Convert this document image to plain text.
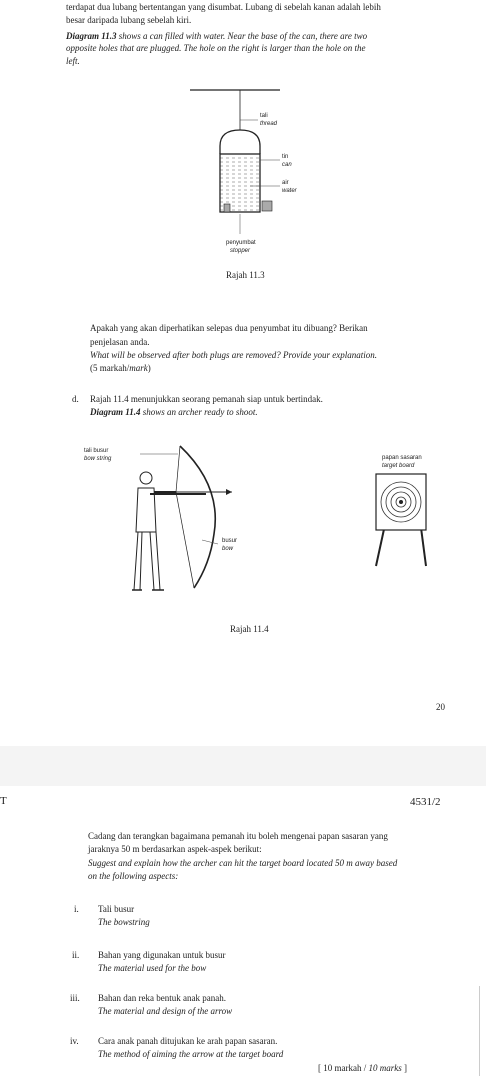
terdapat dua lubang bertentangan yang disumbat. Lubang di sebelah kanan adalah lebih
besar daripada lubang sebelah kiri.
Diagram 11.3 shows a can filled with water. Near the base of the can, there are two
opposite holes that are plugged. The hole on the right is larger than the hole on the
left.
tali
thread
tin
can
air
water
penyumbat
stopper
Rajah 11.3
Apakah yang akan diperhatikan selepas dua penyumbat itu dibuang? Berikan
penjelasan anda.
What will be observed after both plugs are removed? Provide your explanation.
(5 markah/mark)
d. Rajah 11.4 menunjukkan seorang pemanah siap untuk bertindak.
Diagram 11.4 shows an archer ready to shoot.
tali busur
bow string
busur
bow
papan sasaran
target board
Rajah 11.4
20
T	4531/2
Cadang dan terangkan bagaimana pemanah itu boleh mengenai papan sasaran yang
jaraknya 50 m berdasarkan aspek-aspek berikut:
Suggest and explain how the archer can hit the target board located 50 m away based
on the following aspects:
i. Tali busur
The bowstring
ii. Bahan yang digunakan untuk busur
The material used for the bow
iii. Bahan dan reka bentuk anak panah.
The material and design of the arrow
iv. Cara anak panah ditujukan ke arah papan sasaran.
The method of aiming the arrow at the target board
[ 10 markah / 10 marks ]
